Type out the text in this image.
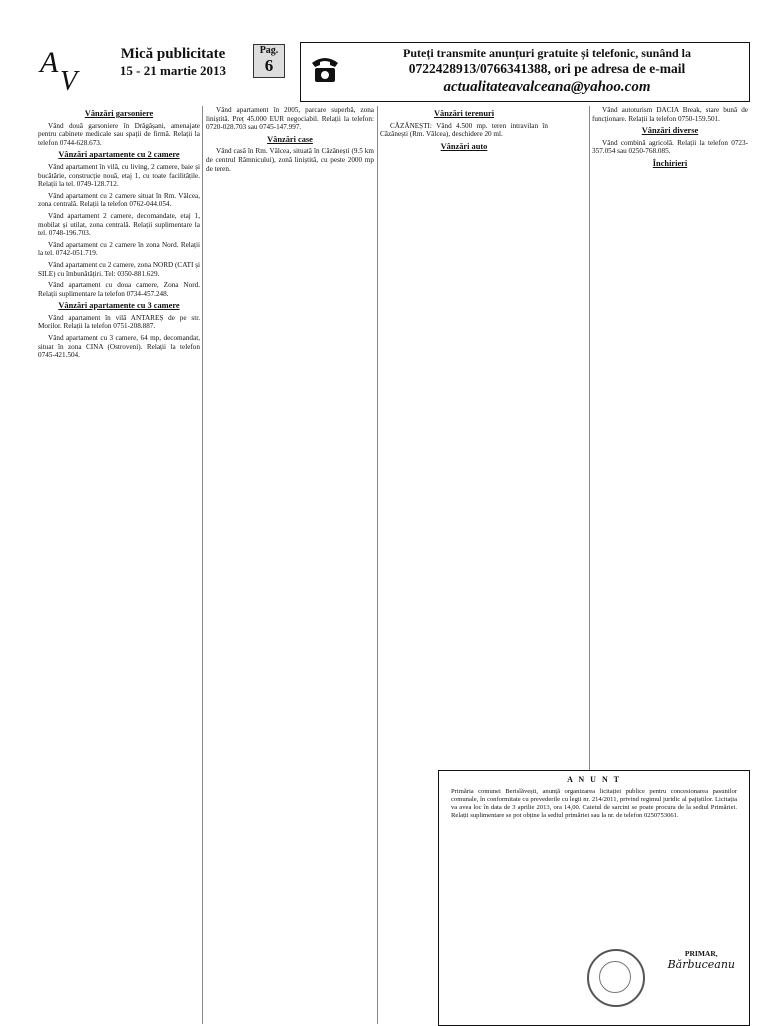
A
V
Mică publicitate
15 - 21 martie 2013
Pag.
6
Puteți transmite anunțuri gratuite și telefonic, sunând la
0722428913/0766341388, ori pe adresa de e-mail
actualitateavalceana@yahoo.com
Vânzări garsoniere

Vând două garsoniere în Drăgășani, amenajate pentru cabinete medicale sau spații de firmă. Relații la telefon 0744-628.673.

Vânzări apartamente cu 2 camere

Vând apartament în vilă, cu living, 2 camere, baie și bucătărie, construcție nouă, etaj 1, cu toate facilitățile. Relații la tel. 0749-128.712.

Vând apartament cu 2 camere situat în Rm. Vâlcea, zona centrală. Relații la telefon 0762-044.054.

Vând apartament 2 camere, decomandate, etaj 1, mobilat și utilat, zona centrală. Relații suplimentare la tel. 0748-196.703.

Vând apartament cu 2 camere în zona Nord. Relații la tel. 0742-051.719.

Vând apartament cu 2 camere, zona NORD (CATI și SILE) cu îmbunătățiri. Tel: 0350-881.629.

Vând apartament cu doua camere, Zona Nord. Relații suplimentare la telefon 0734-457.248.

Vânzări apartamente cu 3 camere

Vând apartament în vilă ANTAREȘ de pe str. Morilor. Relații la telefon 0751-208.887.

Vând apartament cu 3 camere, 64 mp, decomandat, situat în zona CINA (Ostroveni). Relații la telefon 0745-421.504.

Vând apartament în 2005, parcare superbă, zona liniștită. Preț 45.000 EUR negociabil. Relații la telefon: 0720-028.703 sau 0745-147.997.

Vânzări case

Vând casă în Rm. Vâlcea, situată în Căzănești (9.5 km de centrul Râmnicului), zonă liniștită, cu peste 2000 mp de teren.

Vânzări terenuri

CĂZĂNEȘTI: Vând 4.500 mp. teren intravilan în Căzănești (Rm. Vâlcea), deschidere 20 ml.

Vânzări auto

Vând autoturism DACIA Break, stare bună de funcționare. Relații la telefon 0750-159.501.

Vânzări diverse

Vând combină agricolă. Relații la telefon 0723-357.054 sau 0250-768.085.

Închirieri
A N U N T
Primăria comunei Berislăvești, anunță organizarea licitației publice pentru concesionarea pasunilor comunale, în conformitate cu prevederile cu legii nr. 214/2011, privind regimul juridic al pajiștilor. Licitația va avea loc în data de 3 aprilie 2013, ora 14,00. Caietul de sarcini se poate procura de la sediul Primăriei. Relații suplimentare se pot obține la sediul primăriei sau la nr. de telefon 0250753061.
PRIMAR,
Bărbuceanu
